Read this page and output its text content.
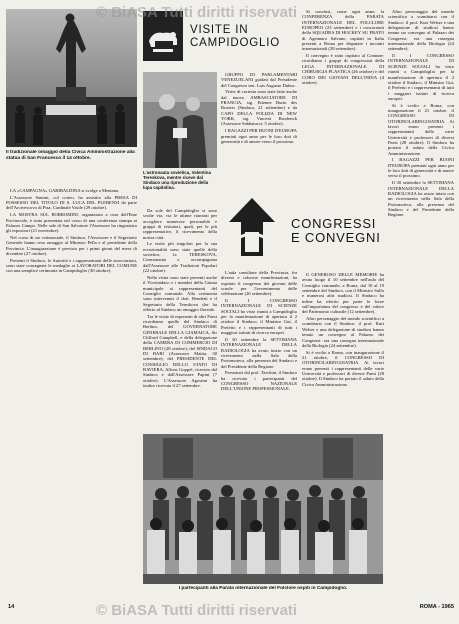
Il tradizionale omaggio della Civica Amministrazione alla statua di San Francesco il 14 ottobre.

LA «CAMPAGNA» GARIBALDINA si svolge a Mentana.

L'Assessore Santini, col corteo, ha assistito alla PRESA DI POSSESSO DEL TITOLO DI S. LUCA DEL PLEBENSI da parte dell'Arcivescovo di Pisa, Cardinale Vasile (29 ottobre).

LA MOSTRA SUL BORROMINI, organizzata a cura dell'Ente Provinciale, è stata presentata nel corso di una conferenza stampa ai Palazzo Campo. Nelle sale di San Salvatore l'Assessore ha ringraziato gli espositori (21 novembre).

Nel corso di un cerimoniale, il Sindaco, l'Assessore e il Segretario Generale hanno reso omaggio al Ministro Pella e al presidente della Provincia. L'inaugurazione è prevista per i primi giorni del mese di dicembre (27 ottobre).

Presenti il Sindaco, le Autorità e i rappresentanti delle associazioni, sono state consegnate le medaglie ai LAVORATORI DEL COMUNE con una semplice cerimonia in Campidoglio (30 ottobre).

VISITE IN
CAMPIDOGLIO
L'astronauta sovietica, Valentina Tereskova, mentre riceve dal Sindaco una riproduzione della lupa capitolina.

Da sole del Campidoglio si sono svolte via, via le ultime riunioni per accogliere numerose personalità e gruppi di visitatori, quali, per le più rappresentative, il ricevimento della nostra città.

Le visite più singolari per la sua eccezionalità sono state quelle della sovietica, la TERESKOVA, Cosmonauta e accompagnata dall'Assessore alle Tradizioni Popolari (22 ottobre).

Nella visita sono state presenti anche il Vicesindaco e i membri della Giunta municipale ai rappresentanti del Consiglio comunale. Alla cerimonia sono intervenuti il dott. Bendetti e il Segretario della Tereskova che ha offerto al Sindaco un omaggio floreale.

Tra le visite di esponenti di altri Paesi ricordiamo quelle del Sindaco di Berlino, del GOVERNATORE GENERALE DELLA GIAMAICA, Sir Clifford Campbell, e della delegazione della CAMERA DI COMMERCIO DI BERLINO (28 ottobre); del SINDACO DI BARI (Assessore Mattia, 30 settembre); del PRESIDENTE DEL CONSIGLIO DELLO STATO DI BAVIERA, Alfons Goppel, ricevuto dal Sindaco e dall'Assessore Papini (7 ottobre). L'Assessore Agostini ha inoltre ricevuto il 27 settembre.

GRUPPO DI PARLAMENTARI VENEZUELANI guidati dal Presidente del Congresso sen. Luis Augusto Dubuc.

Visite di cortesia sono state fatte anche dal nuovo AMBASCIATORE DI FRANCIA, sig. Etienne Burin des Roziers (Sindaco, 21 settembre) e da CAPO DELLA POLIZIA DI NEW YORK, sig. Vincent Broderick (Assessore Sabbatucci, 5 ottobre).

I RAGAZZI PER BUONI D'EUROPA premiati ogni anno per le loro doti di generosità e di amore verso il prossimo.

CONGRESSI
E CONVEGNI

L'aula consiliare della Provincia, fra diverse e calorose manifestazioni, ha ospitato il congresso dei giovani delle scuole per l'avvenimento delle celebrazioni (26 settembre).

Il I CONGRESSO INTERNAZIONALE DI SCIENZE SOCIALI ha visto riuniti a Campidoglio per la manifestazione di apertura il 2 ottobre il Sindaco, il Ministro Gui, il Prefetto e i rappresentanti di tutti i maggiori istituti di ricerca europei.

Il 30 settembre la SETTIMANA INTERNAZIONALE DELLA RADIOLOGIA ha avuto inizio con un ricevimento nella Sala della Protomoteca, alla presenza del Sindaco e del Presidente della Regione.

Presentati dal prof. Tarchini, il Sindaco ha ricevuto i partecipanti del CONGRESSO NAZIONALE DELL'UNIONE PROFESSIONALE.

Si conclusi, come ogni anno, la CONFERENZA della PARATA INTERNAZIONALE DEL FOLCLORE EUROPEO (23 settembre) e i concorrenti della SQUADRA DI HOCKEY SU PRATO di Agennaro Salvano, ospitati in Italia presenti a Roma per disputare i incontri internazionali (28 settembre).

Il convegno è stato ospitato al Comune: ricordiamo i gruppi di congressisti della LEGA INTERNAZIONALE DI CHIRURGIA PLASTICA (26 ottobre) e del CORO DEI GIOVANI DELL'INDIA (4 ottobre).

Il GENEROSO DELLE MEMORIE ha avuto luogo il 10 settembre nell'aula del Consiglio comunale, a Roma, dal 10 al 19 settembre del Sindaco, con il Ministro Sullo e numerosi altri studiosi. Il Sindaco ha infine ha riferito per parte le forze sull'importanza del congresso e del valore del Patrimonio culturale (12 settembre).

Altro personaggio del mondo scientifico a scambiarsi con il Sindaco: il prof. Kurt Welser e una delegazione di studiosi hanno tenuto un convegno al Palazzo dei Congressi: era una rassegna internazionale della Biologia (24 settembre).

Si è svolto a Roma, con inaugurazione il 21 ottobre, il CONGRESSO DI OTORINOLARINGOIATRIA. Ai lavori erano presenti i rappresentanti delle varie Università e professori di diversi Paesi (28 ottobre). Il Sindaco ha portato il saluto della Civica Amministrazione.

Altro personaggio del mondo scientifico a scambiarsi con il Sindaco: il prof. Kurt Welser e una delegazione di studiosi hanno tenuto un convegno al Palazzo dei Congressi: era una rassegna internazionale della Biologia (24 settembre).

Il I CONGRESSO INTERNAZIONALE DI SCIENZE SOCIALI ha visto riuniti a Campidoglio per la manifestazione di apertura il 2 ottobre il Sindaco, il Ministro Gui, il Prefetto e i rappresentanti di tutti i maggiori istituti di ricerca europei.

Si è svolto a Roma, con inaugurazione il 21 ottobre, il CONGRESSO DI OTORINOLARINGOIATRIA. Ai lavori erano presenti i rappresentanti delle varie Università e professori di diversi Paesi (28 ottobre). Il Sindaco ha portato il saluto della Civica Amministrazione.

I RAGAZZI PER BUONI D'EUROPA premiati ogni anno per le loro doti di generosità e di amore verso il prossimo.

Il 30 settembre la SETTIMANA INTERNAZIONALE DELLA RADIOLOGIA ha avuto inizio con un ricevimento nella Sala della Protomoteca, alla presenza del Sindaco e del Presidente della Regione.

I partecipanti alla Parata internazionale del Folclore ospiti in Campidoglio.
14	ROMA - 1965
© BiASA Tutti diritti riservati
© BiASA Tutti diritti riservati
